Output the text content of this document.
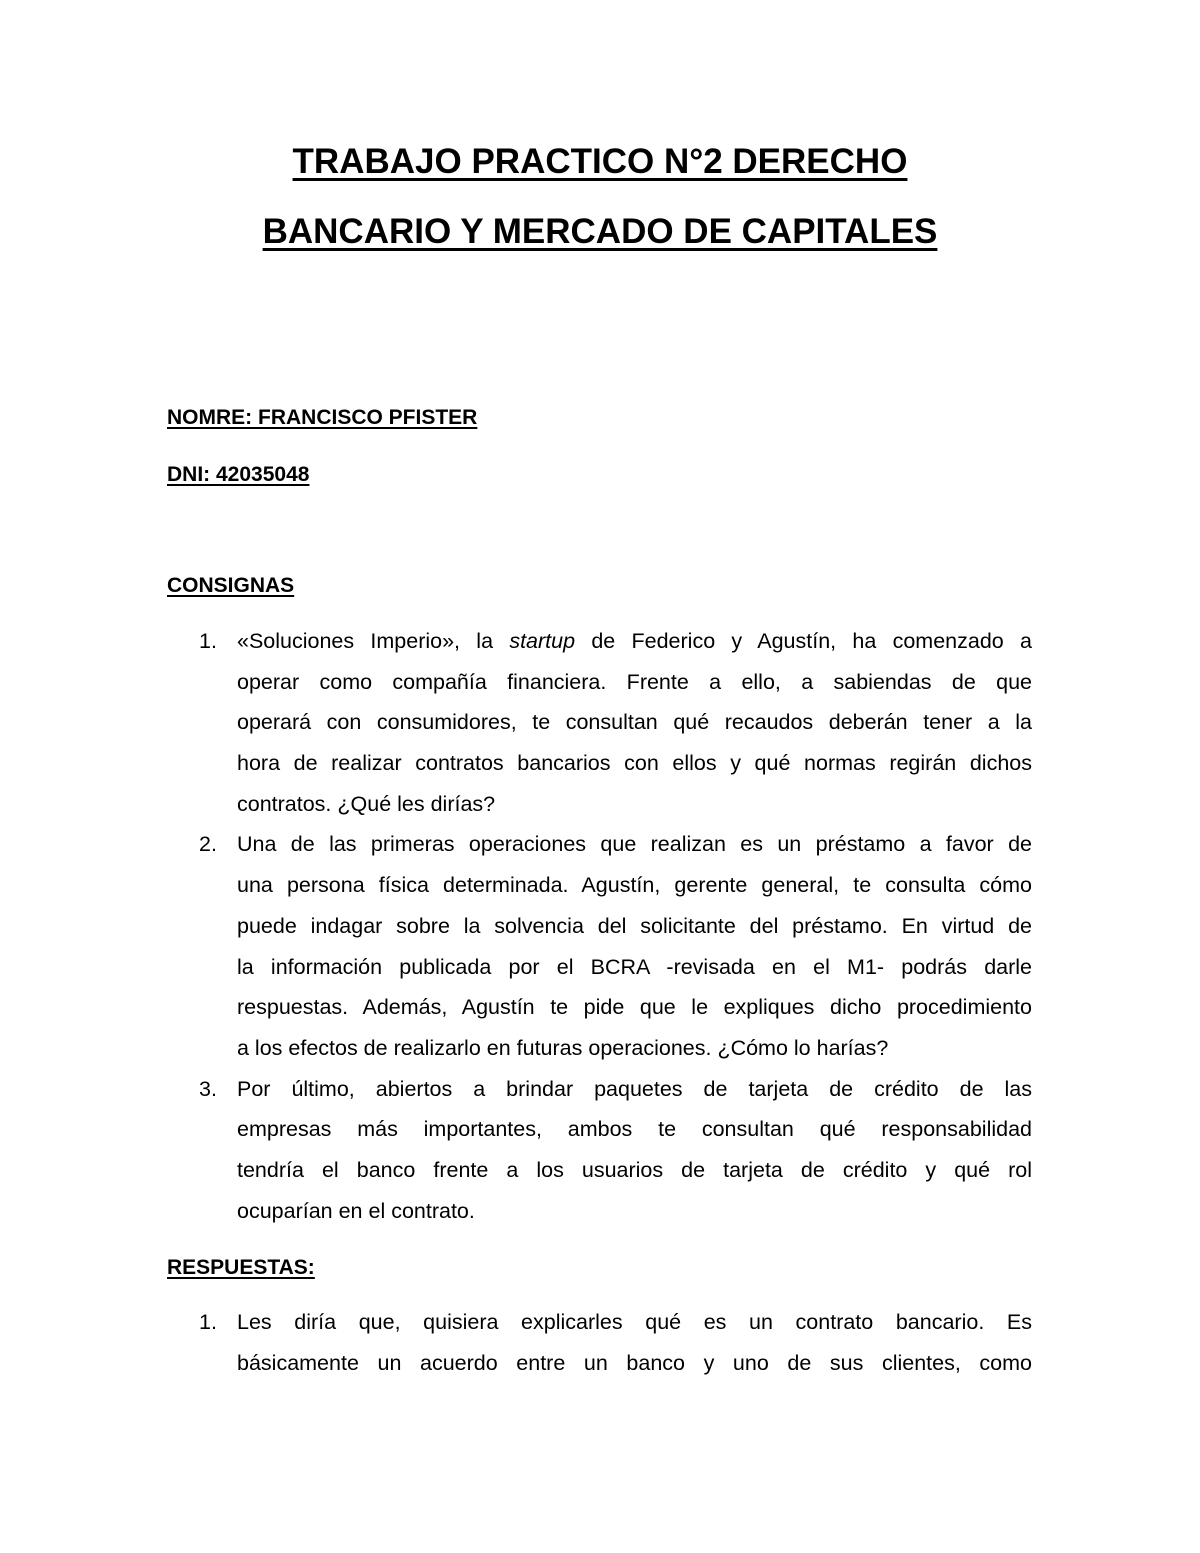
TRABAJO PRACTICO N°2 DERECHO
BANCARIO Y MERCADO DE CAPITALES

NOMRE: FRANCISCO PFISTER

DNI: 42035048

CONSIGNAS

1. «Soluciones Imperio», la startup de Federico y Agustín, ha comenzado a
operar como compañía financiera. Frente a ello, a sabiendas de que
operará con consumidores, te consultan qué recaudos deberán tener a la
hora de realizar contratos bancarios con ellos y qué normas regirán dichos
contratos. ¿Qué les dirías?
2. Una de las primeras operaciones que realizan es un préstamo a favor de
una persona física determinada. Agustín, gerente general, te consulta cómo
puede indagar sobre la solvencia del solicitante del préstamo. En virtud de
la información publicada por el BCRA -revisada en el M1- podrás darle
respuestas. Además, Agustín te pide que le expliques dicho procedimiento
a los efectos de realizarlo en futuras operaciones. ¿Cómo lo harías?
3. Por último, abiertos a brindar paquetes de tarjeta de crédito de las
empresas más importantes, ambos te consultan qué responsabilidad
tendría el banco frente a los usuarios de tarjeta de crédito y qué rol
ocuparían en el contrato.

RESPUESTAS:

1. Les diría que, quisiera explicarles qué es un contrato bancario. Es
básicamente un acuerdo entre un banco y uno de sus clientes, como
